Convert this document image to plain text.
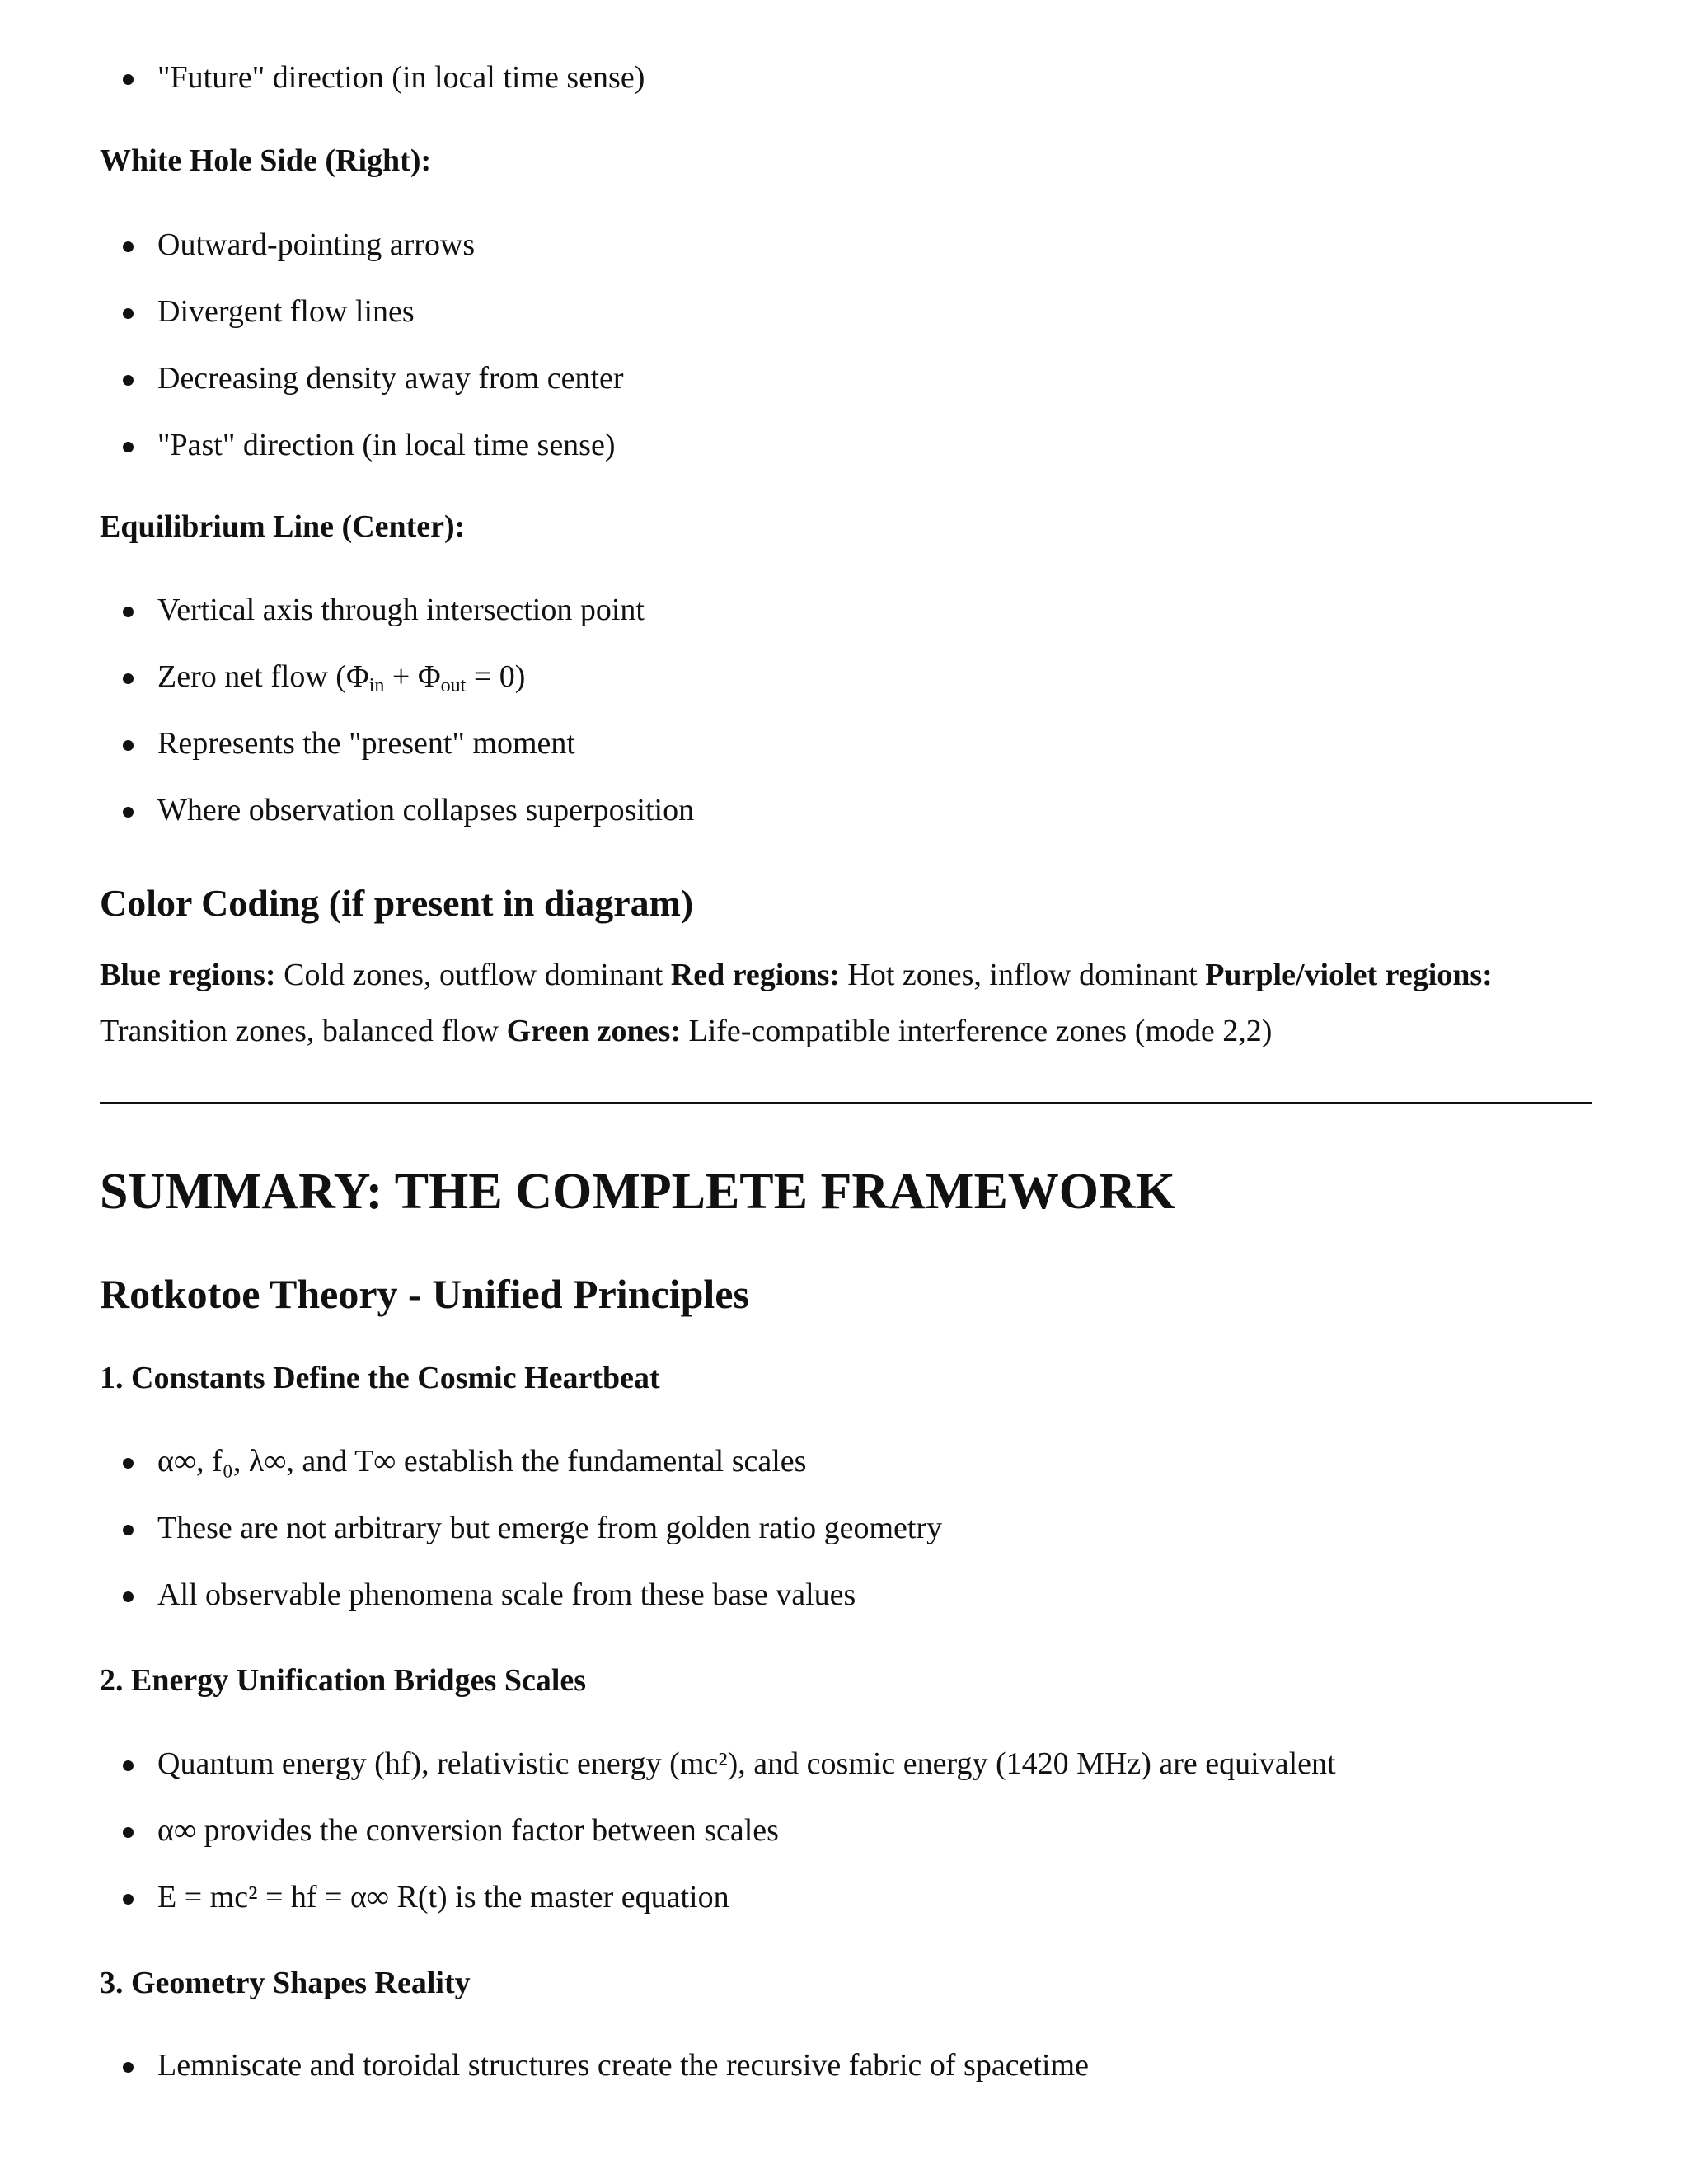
"Future" direction (in local time sense)
White Hole Side (Right):
Outward-pointing arrows
Divergent flow lines
Decreasing density away from center
"Past" direction (in local time sense)
Equilibrium Line (Center):
Vertical axis through intersection point
Zero net flow $(\Phi_{in} + \Phi_{out} = 0)$
Represents the "present" moment
Where observation collapses superposition
Color Coding (if present in diagram)
Blue regions: Cold zones, outflow dominant Red regions: Hot zones, inflow dominant Purple/violet regions: Transition zones, balanced flow Green zones: Life-compatible interference zones (mode 2,2)
SUMMARY: THE COMPLETE FRAMEWORK
Rotkotoe Theory - Unified Principles
1. Constants Define the Cosmic Heartbeat
α∞, f₀, λ∞, and T∞ establish the fundamental scales
These are not arbitrary but emerge from golden ratio geometry
All observable phenomena scale from these base values
2. Energy Unification Bridges Scales
Quantum energy (hf), relativistic energy (mc²), and cosmic energy (1420 MHz) are equivalent
α∞ provides the conversion factor between scales
E = mc² = hf = α∞ R(t) is the master equation
3. Geometry Shapes Reality
Lemniscate and toroidal structures create the recursive fabric of spacetime
